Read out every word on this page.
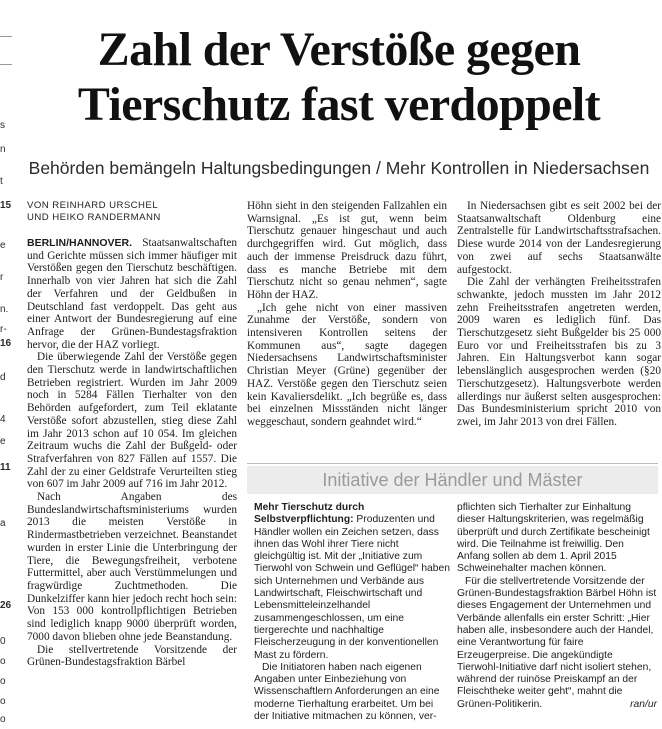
s
n
t
15
e
r
n.
r-
16
d
4
e
11
a
26
0
o
o
o
o
Zahl der Verstöße gegen
Tierschutz fast verdoppelt
Behörden bemängeln Haltungsbedingungen / Mehr Kontrollen in Niedersachsen
VON REINHARD URSCHEL
UND HEIKO RANDERMANN

BERLIN/HANNOVER. Staatsanwaltschaften und Gerichte müssen sich immer häufiger mit Verstößen gegen den Tierschutz beschäftigen. Innerhalb von vier Jahren hat sich die Zahl der Verfahren und der Geldbußen in Deutschland fast verdoppelt. Das geht aus einer Antwort der Bundesregierung auf eine Anfrage der Grünen-Bundestagsfraktion hervor, die der HAZ vorliegt.

Die überwiegende Zahl der Verstöße gegen den Tierschutz werde in landwirtschaftlichen Betrieben registriert. Wurden im Jahr 2009 noch in 5284 Fällen Tierhalter von den Behörden aufgefordert, zum Teil eklatante Verstöße sofort abzustellen, stieg diese Zahl im Jahr 2013 schon auf 10 054. Im gleichen Zeitraum wuchs die Zahl der Bußgeld- oder Strafverfahren von 827 Fällen auf 1557. Die Zahl der zu einer Geldstrafe Verurteilten stieg von 607 im Jahr 2009 auf 716 im Jahr 2012.

Nach Angaben des Bundeslandwirtschaftsministeriums wurden 2013 die meisten Verstöße in Rindermastbetrieben verzeichnet. Beanstandet wurden in erster Linie die Unterbringung der Tiere, die Bewegungsfreiheit, verbotene Futtermittel, aber auch Verstümmelungen und fragwürdige Zuchtmethoden. Die Dunkelziffer kann hier jedoch recht hoch sein: Von 153 000 kontrollpflichtigen Betrieben sind lediglich knapp 9000 überprüft worden, 7000 davon blieben ohne jede Beanstandung.

Die stellvertretende Vorsitzende der Grünen-Bundestagsfraktion Bärbel

Höhn sieht in den steigenden Fallzahlen ein Warnsignal. „Es ist gut, wenn beim Tierschutz genauer hingeschaut und auch durchgegriffen wird. Gut möglich, dass auch der immense Preisdruck dazu führt, dass es manche Betriebe mit dem Tierschutz nicht so genau nehmen“, sagte Höhn der HAZ.

„Ich gehe nicht von einer massiven Zunahme der Verstöße, sondern von intensiveren Kontrollen seitens der Kommunen aus“, sagte dagegen Niedersachsens Landwirtschaftsminister Christian Meyer (Grüne) gegenüber der HAZ. Verstöße gegen den Tierschutz seien kein Kavaliersdelikt. „Ich begrüße es, dass bei einzelnen Missständen nicht länger weggeschaut, sondern geahndet wird.“

In Niedersachsen gibt es seit 2002 bei der Staatsanwaltschaft Oldenburg eine Zentralstelle für Landwirtschaftsstrafsachen. Diese wurde 2014 von der Landesregierung von zwei auf sechs Staatsanwälte aufgestockt.

Die Zahl der verhängten Freiheitsstrafen schwankte, jedoch mussten im Jahr 2012 zehn Freiheitsstrafen angetreten werden, 2009 waren es lediglich fünf. Das Tierschutzgesetz sieht Bußgelder bis 25 000 Euro vor und Freiheitsstrafen bis zu 3 Jahren. Ein Haltungsverbot kann sogar lebenslänglich ausgesprochen werden (§20 Tierschutzgesetz). Haltungsverbote werden allerdings nur äußerst selten ausgesprochen: Das Bundesministerium spricht 2010 von zwei, im Jahr 2013 von drei Fällen.

Initiative der Händler und Mäster

Mehr Tierschutz durch Selbstverpflichtung: Produzenten und Händler wollen ein Zeichen setzen, dass ihnen das Wohl ihrer Tiere nicht gleichgültig ist. Mit der „Initiative zum Tierwohl von Schwein und Geflügel“ haben sich Unternehmen und Verbände aus Landwirtschaft, Fleischwirtschaft und Lebensmitteleinzelhandel zusammengeschlossen, um eine tiergerechte und nachhaltige Fleischerzeugung in der konventionellen Mast zu fördern.

Die Initiatoren haben nach eigenen Angaben unter Einbeziehung von Wissenschaftlern Anforderungen an eine moderne Tierhaltung erarbeitet. Um bei der Initiative mitmachen zu können, ver-

pflichten sich Tierhalter zur Einhaltung dieser Haltungskriterien, was regelmäßig überprüft und durch Zertifikate bescheinigt wird. Die Teilnahme ist freiwillig. Den Anfang sollen ab dem 1. April 2015 Schweinehalter machen können.

Für die stellvertretende Vorsitzende der Grünen-Bundestagsfraktion Bärbel Höhn ist dieses Engagement der Unternehmen und Verbände allenfalls ein erster Schritt: „Hier haben alle, insbesondere auch der Handel, eine Verantwortung für faire Erzeugerpreise. Die angekündigte Tierwohl-Initiative darf nicht isoliert stehen, während der ruinöse Preiskampf an der Fleischtheke weiter geht“, mahnt die Grünen-Politikerin.	ran/ur
